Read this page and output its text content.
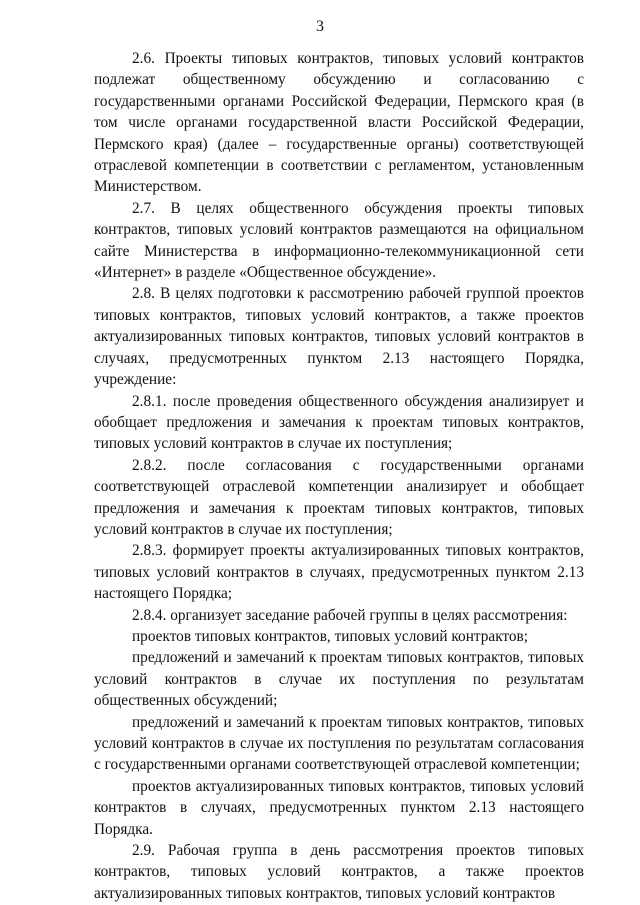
3

2.6. Проекты типовых контрактов, типовых условий контрактов подлежат общественному обсуждению и согласованию с государственными органами Российской Федерации, Пермского края (в том числе органами государственной власти Российской Федерации, Пермского края) (далее – государственные органы) соответствующей отраслевой компетенции в соответствии с регламентом, установленным Министерством.

2.7. В целях общественного обсуждения проекты типовых контрактов, типовых условий контрактов размещаются на официальном сайте Министерства в информационно-телекоммуникационной сети «Интернет» в разделе «Общественное обсуждение».

2.8. В целях подготовки к рассмотрению рабочей группой проектов типовых контрактов, типовых условий контрактов, а также проектов актуализированных типовых контрактов, типовых условий контрактов в случаях, предусмотренных пунктом 2.13 настоящего Порядка, учреждение:

2.8.1. после проведения общественного обсуждения анализирует и обобщает предложения и замечания к проектам типовых контрактов, типовых условий контрактов в случае их поступления;

2.8.2. после согласования с государственными органами соответствующей отраслевой компетенции анализирует и обобщает предложения и замечания к проектам типовых контрактов, типовых условий контрактов в случае их поступления;

2.8.3. формирует проекты актуализированных типовых контрактов, типовых условий контрактов в случаях, предусмотренных пунктом 2.13 настоящего Порядка;

2.8.4. организует заседание рабочей группы в целях рассмотрения:

проектов типовых контрактов, типовых условий контрактов;

предложений и замечаний к проектам типовых контрактов, типовых условий контрактов в случае их поступления по результатам общественных обсуждений;

предложений и замечаний к проектам типовых контрактов, типовых условий контрактов в случае их поступления по результатам согласования с государственными органами соответствующей отраслевой компетенции;

проектов актуализированных типовых контрактов, типовых условий контрактов в случаях, предусмотренных пунктом 2.13 настоящего Порядка.

2.9. Рабочая группа в день рассмотрения проектов типовых контрактов, типовых условий контрактов, а также проектов актуализированных типовых контрактов, типовых условий контрактов
